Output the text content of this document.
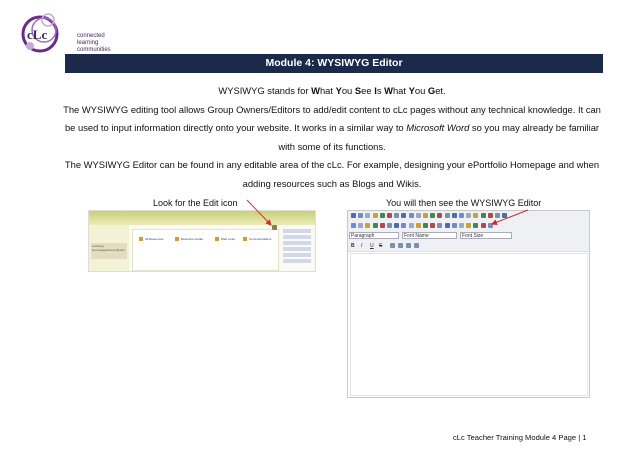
cLc	connected
learning
communities
Module 4: WYSIWYG Editor

WYSIWYG stands for What You See Is What You Get.

The WYSIWYG editing tool allows Group Owners/Editors to add/edit content to cLc pages without any technical knowledge. It can be used to input information directly onto your website. It works in a similar way to Microsoft Word so you may already be familiar with some of its functions.

The WYSIWYG Editor can be found in any editable area of the cLc. For example, designing your ePortfolio Homepage and when adding resources such as Blogs and Wikis.

Look for the Edit icon	You will then see the WYSIWYG Editor
Learning Homepage/Home Button
All Resources	Resource Folder	Web Links	Communications	Paragraph	Font Name	Font Size
B I U S
cLc Teacher Training Module 4 Page | 1
